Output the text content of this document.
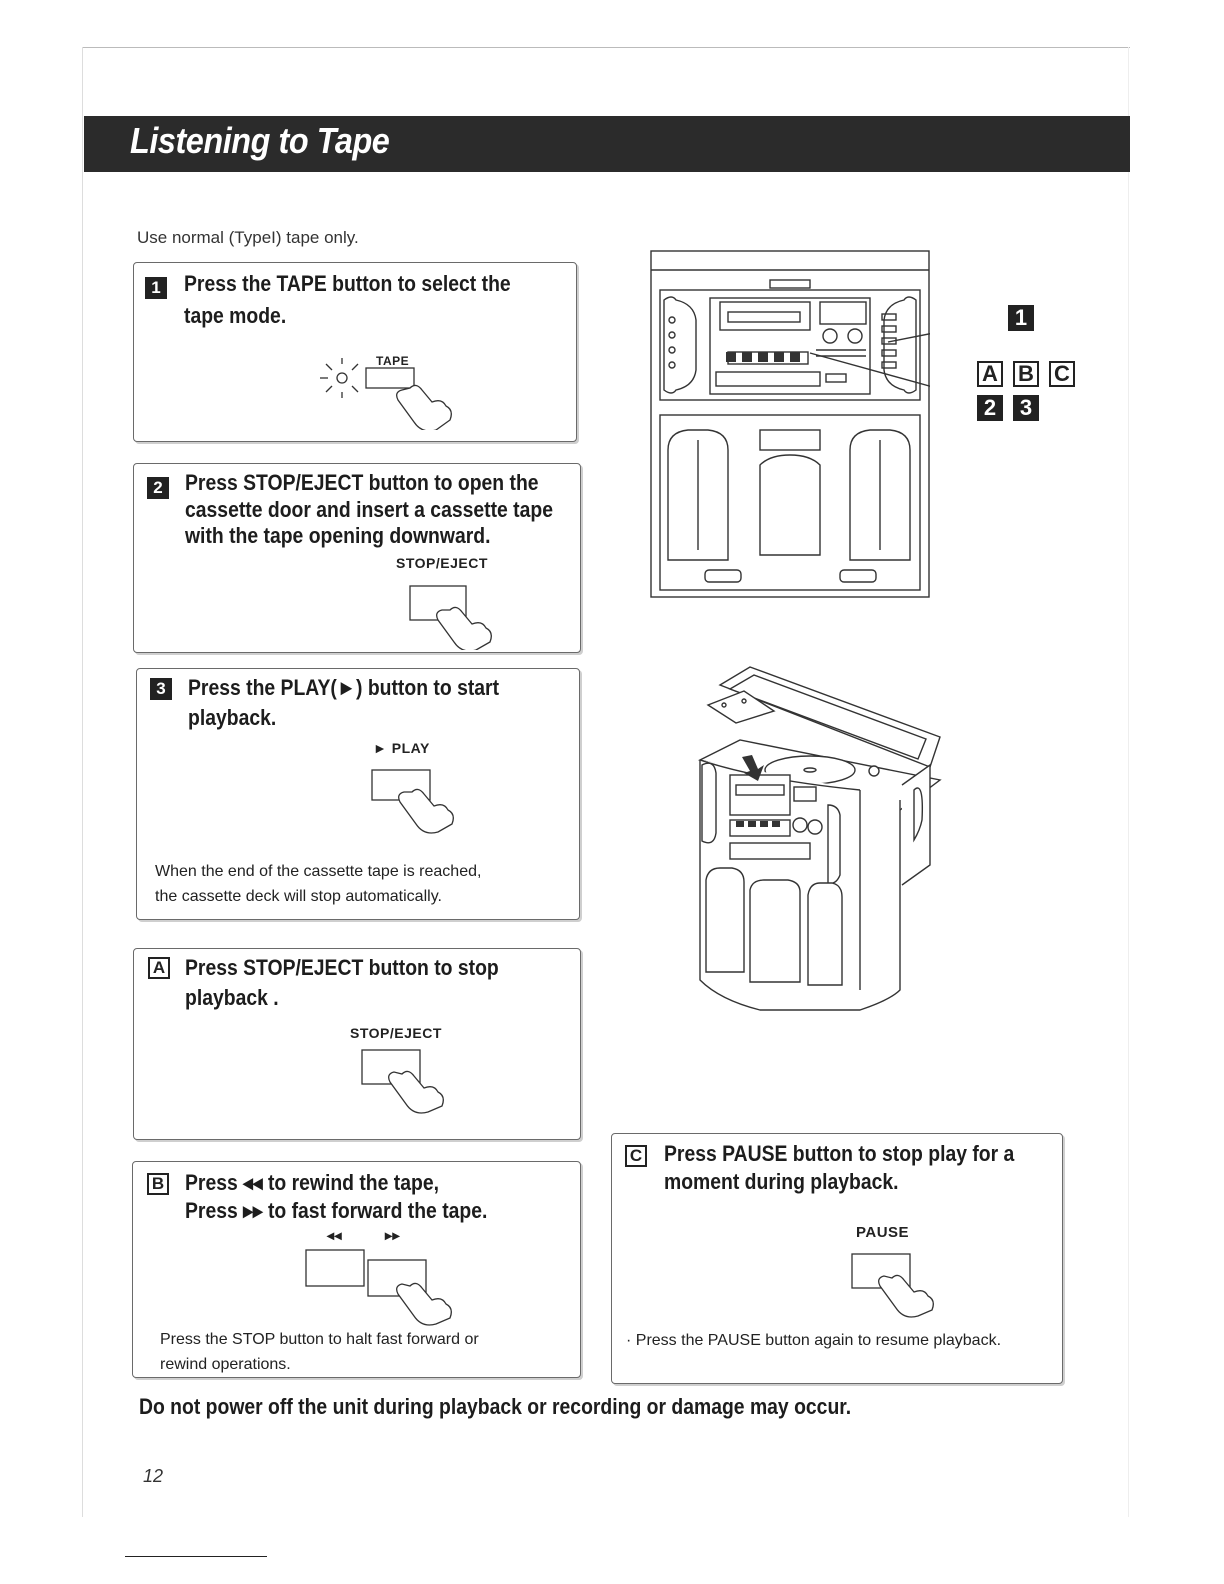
Listening to Tape
Use normal (TypeI) tape only.
1 Press the TAPE button to select the
tape mode.
TAPE
2 Press STOP/EJECT button to open the
cassette door and insert a cassette tape
with the tape opening downward.
STOP/EJECT
3 Press the PLAY(►) button to start
playback.
► PLAY
When the end of the cassette tape is reached,
the cassette deck will stop automatically.
A Press STOP/EJECT button to stop
playback .
STOP/EJECT
B Press ◂◂ to rewind the tape,
Press ▸▸ to fast forward the tape.
◂◂	▸▸
Press the STOP button to halt fast forward or
rewind operations.
C Press PAUSE button to stop play for a
moment during playback.
PAUSE
· Press the PAUSE button again to resume playback.
1
A B C
2	3
Do not power off the unit during playback or recording or damage may occur.
12
